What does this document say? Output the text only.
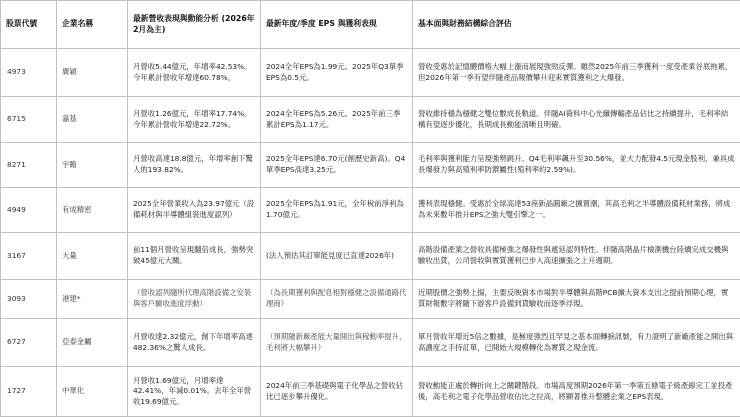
股票代號	企業名稱	最新營收表現與動能分析 (2026年2月為主)	最新年度/季度 EPS 與獲利表現	基本面與財務結構綜合評估
4973	廣穎	月營收5.44億元，年增率42.53%。今年累計營收年增達60.78%。	2024全年EPS為1.99元。2025年Q3單季EPS為0.5元。	營收受惠於記憶體價格大幅上漲而展現強勁反彈。雖然2025年前三季獲利一度受產業谷底拖累，但2026年第一季有望伴隨產品報價攀升迎來實質獲利之大爆發。
6715	嘉基	月營收1.26億元，年增率17.74%。今年累計營收年增達22.72%。	2024全年EPS為5.26元。2025年前三季累計EPS為1.17元。	營收維持穩為穩健之雙位數成長軌道。伴隨AI資料中心光纖傳輸產品佔比之持續提升，毛利率結構有望逐步優化，長期成長動能清晰且明確。
8271	宇瞻	月營收高達18.8億元，年增率創下驚人的193.82%。	2025全年EPS達6.70元(創歷史新高)。Q4單季EPS高達3.25元。	毛利率與獲利能力呈現強勢跳升。Q4毛利率飆升至30.56%，並大力配發4.5元現金股利，兼具成長爆發力與高殖利率防禦屬性(殖利率約2.59%)。
4949	有成精密	2025全年營業收入為23.97億元（設備耗材與半導體組裝進度認列）	2025全年EPS為1.91元，全年稅前淨利為1.70億元。	獲利表現穩健。受惠於全球高達53座新晶圓廠之擴置潮，其高毛利之半導體設備耗材業務，將成為未來數年推升EPS之強大雙引擎之一。
3167	大量	前11個月營收呈現翻倍成長，強勢突破45億元大關。	(法人預估其訂單能見度已直達2026年)	高階設備產業之營收具備極強之爆發性與遞延認列特性。伴隨高階晶片檢測機台陸續完成交機與驗收出貨，公司營收與實質獲利已步入高速擴張之上升週期。
3093	港建*	（營收認列隨所代理高階設備之安裝與客戶驗收進度浮動）	（為長期獲利與配息相對穩健之設備通路代理商）	近期股價之強勢上揚，主要反映資本市場對半導體與高階PCB擴大資本支出之提前預期心理，實質財報數字將隨下游客戶設備到貨驗收而逐季浮現。
6727	亞泰金屬	月營收達2.32億元，創下年增率高達482.36%之驚人成長。	（預期隨新廠產能大量開出與稼動率提升，毛利將大幅攀升）	單月營收年增近5倍之數據，是極度強烈且罕見之基本面轉捩訊號，有力證明了新廠產能之開出與高濃度之手持訂單，已開始大規模轉化為實質之現金流。
1727	中華化	月營收1.69億元，月增率達42.41%，年減0.01%。去年全年營收19.69億元。	2024年前三季基礎與電子化學品之營收佔比已逐步攀升優化。	營收動能正處於轉折向上之關鍵階段。市場高度預期2026年第一季第五條電子級產線完工並投產後，高毛利之電子化學品營收佔比之拉高，將顯著推升整體企業之EPS表現。
